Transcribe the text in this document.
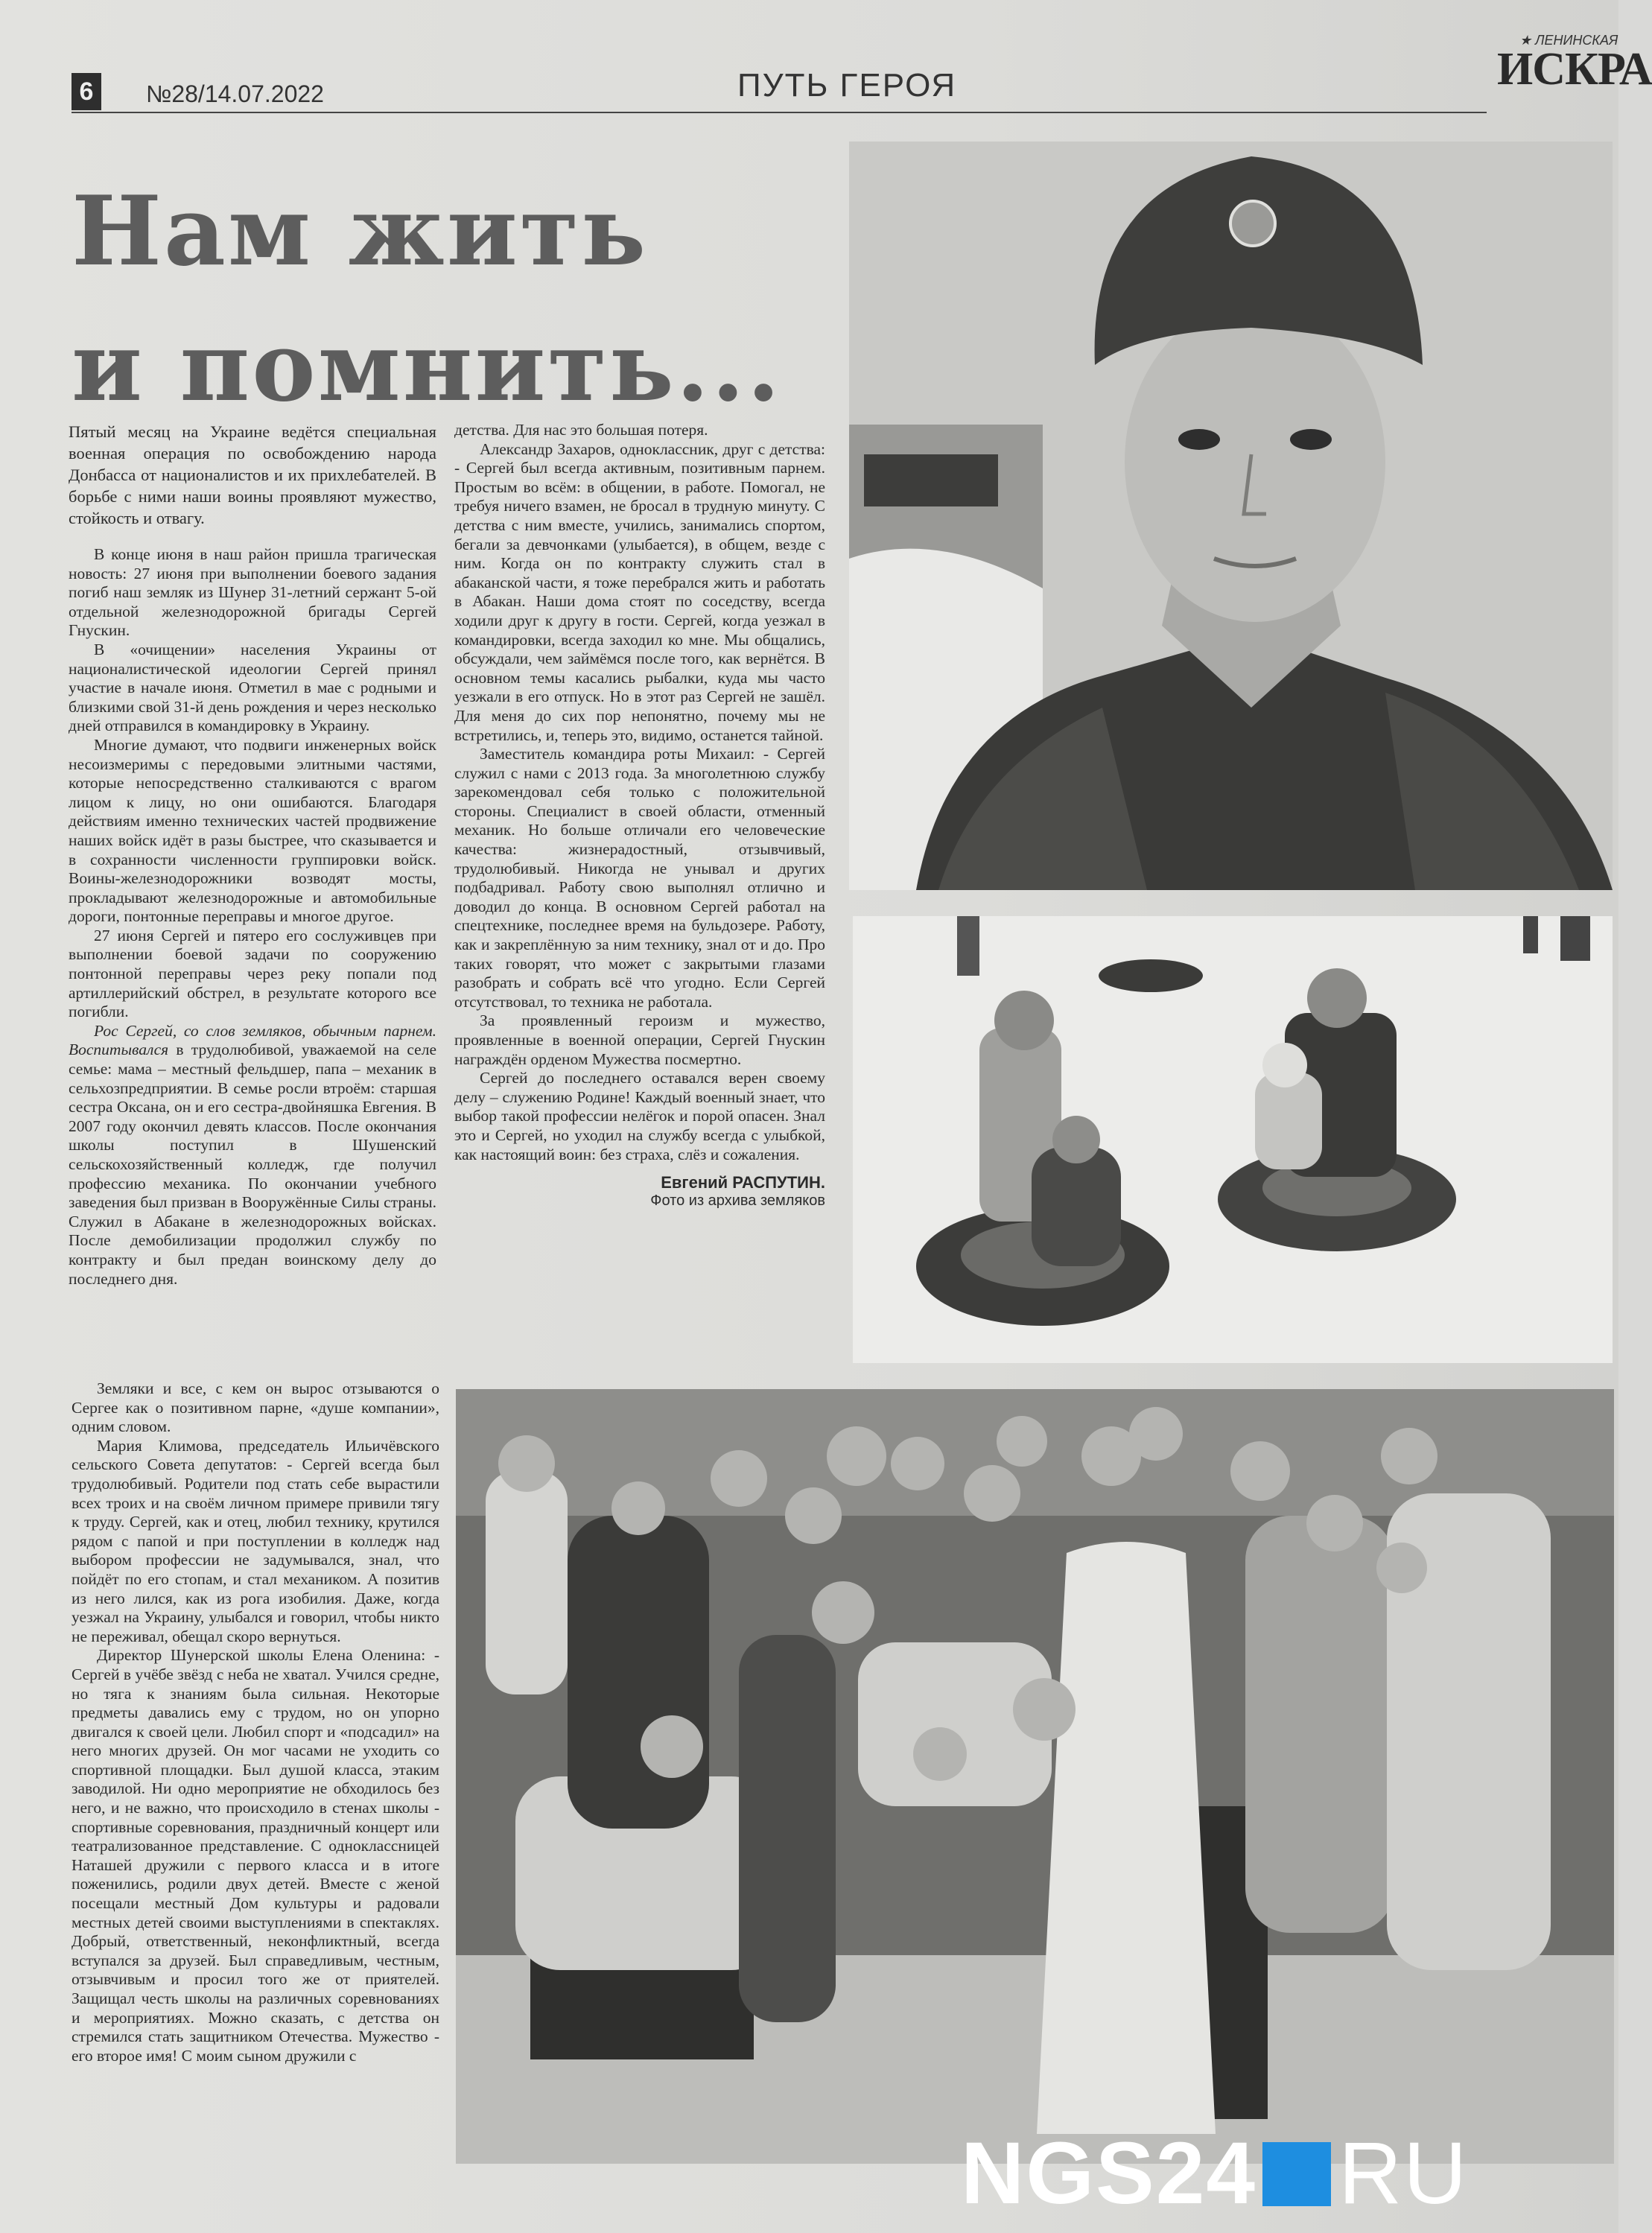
6	№28/14.07.2022	ПУТЬ ГЕРОЯ
★ ЛЕНИНСКАЯ
ИСКРА
Нам жить
и помнить...

Пятый месяц на Украине ведётся специальная военная операция по освобождению народа Донбасса от националистов и их прихлебателей. В борьбе с ними наши воины проявляют мужество, стойкость и отвагу.

В конце июня в наш район пришла трагическая новость: 27 июня при выполнении боевого задания погиб наш земляк из Шунер 31-летний сержант 5-ой отдельной железнодорожной бригады Сергей Гнускин.

В «очищении» населения Украины от националистической идеологии Сергей принял участие в начале июня. Отметил в мае с родными и близкими свой 31-й день рождения и через несколько дней отправился в командировку в Украину.

Многие думают, что подвиги инженерных войск несоизмеримы с передовыми элитными частями, которые непосредственно сталкиваются с врагом лицом к лицу, но они ошибаются. Благодаря действиям именно технических частей продвижение наших войск идёт в разы быстрее, что сказывается и в сохранности численности группировки войск. Воины-железнодорожники возводят мосты, прокладывают железнодорожные и автомобильные дороги, понтонные переправы и многое другое.

27 июня Сергей и пятеро его сослуживцев при выполнении боевой задачи по сооружению понтонной переправы через реку попали под артиллерийский обстрел, в результате которого все погибли.

Рос Сергей, со слов земляков, обычным парнем. Воспитывался в трудолюбивой, уважаемой на селе семье: мама – местный фельдшер, папа – механик в сельхозпредприятии. В семье росли втроём: старшая сестра Оксана, он и его сестра-двойняшка Евгения. В 2007 году окончил девять классов. После окончания школы поступил в Шушенский сельскохозяйственный колледж, где получил профессию механика. По окончании учебного заведения был призван в Вооружённые Силы страны. Служил в Абакане в железнодорожных войсках. После демобилизации продолжил службу по контракту и был предан воинскому делу до последнего дня.

Земляки и все, с кем он вырос отзываются о Сергее как о позитивном парне, «душе компании», одним словом.

Мария Климова, председатель Ильичёвского сельского Совета депутатов: - Сергей всегда был трудолюбивый. Родители под стать себе вырастили всех троих и на своём личном примере привили тягу к труду. Сергей, как и отец, любил технику, крутился рядом с папой и при поступлении в колледж над выбором профессии не задумывался, знал, что пойдёт по его стопам, и стал механиком. А позитив из него лился, как из рога изобилия. Даже, когда уезжал на Украину, улыбался и говорил, чтобы никто не переживал, обещал скоро вернуться.

Директор Шунерской школы Елена Оленина: - Сергей в учёбе звёзд с неба не хватал. Учился средне, но тяга к знаниям была сильная. Некоторые предметы давались ему с трудом, но он упорно двигался к своей цели. Любил спорт и «подсадил» на него многих друзей. Он мог часами не уходить со спортивной площадки. Был душой класса, этаким заводилой. Ни одно мероприятие не обходилось без него, и не важно, что происходило в стенах школы - спортивные соревнования, праздничный концерт или театрализованное представление. С одноклассницей Наташей дружили с первого класса и в итоге поженились, родили двух детей. Вместе с женой посещали местный Дом культуры и радовали местных детей своими выступлениями в спектаклях. Добрый, ответственный, неконфликтный, всегда вступался за друзей. Был справедливым, честным, отзывчивым и просил того же от приятелей. Защищал честь школы на различных соревнованиях и мероприятиях. Можно сказать, с детства он стремился стать защитником Отечества. Мужество - его второе имя! С моим сыном дружили с

детства. Для нас это большая потеря.

Александр Захаров, одноклассник, друг с детства: - Сергей был всегда активным, позитивным парнем. Простым во всём: в общении, в работе. Помогал, не требуя ничего взамен, не бросал в трудную минуту. С детства с ним вместе, учились, занимались спортом, бегали за девчонками (улыбается), в общем, везде с ним. Когда он по контракту служить стал в абаканской части, я тоже перебрался жить и работать в Абакан. Наши дома стоят по соседству, всегда ходили друг к другу в гости. Сергей, когда уезжал в командировки, всегда заходил ко мне. Мы общались, обсуждали, чем займёмся после того, как вернётся. В основном темы касались рыбалки, куда мы часто уезжали в его отпуск. Но в этот раз Сергей не зашёл. Для меня до сих пор непонятно, почему мы не встретились, и, теперь это, видимо, останется тайной.

Заместитель командира роты Михаил: - Сергей служил с нами с 2013 года. За многолетнюю службу зарекомендовал себя только с положительной стороны. Специалист в своей области, отменный механик. Но больше отличали его человеческие качества: жизнерадостный, отзывчивый, трудолюбивый. Никогда не унывал и других подбадривал. Работу свою выполнял отлично и доводил до конца. В основном Сергей работал на спецтехнике, последнее время на бульдозере. Работу, как и закреплённую за ним технику, знал от и до. Про таких говорят, что может с закрытыми глазами разобрать и собрать всё что угодно. Если Сергей отсутствовал, то техника не работала.

За проявленный героизм и мужество, проявленные в военной операции, Сергей Гнускин награждён орденом Мужества посмертно.

Сергей до последнего оставался верен своему делу – служению Родине! Каждый военный знает, что выбор такой профессии нелёгок и порой опасен. Знал это и Сергей, но уходил на службу всегда с улыбкой, как настоящий воин: без страха, слёз и сожаления.

Евгений РАСПУТИН.
Фото из архива земляков
NGS24 RU
